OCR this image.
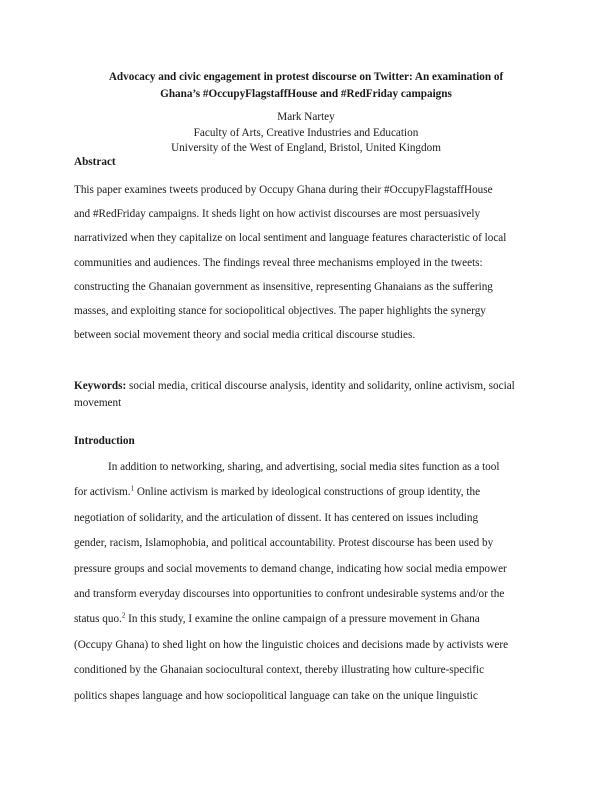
Advocacy and civic engagement in protest discourse on Twitter: An examination of
Ghana’s #OccupyFlagstaffHouse and #RedFriday campaigns
Mark Nartey
Faculty of Arts, Creative Industries and Education
University of the West of England, Bristol, United Kingdom
Abstract

This paper examines tweets produced by Occupy Ghana during their #OccupyFlagstaffHouse
and #RedFriday campaigns. It sheds light on how activist discourses are most persuasively
narrativized when they capitalize on local sentiment and language features characteristic of local
communities and audiences. The findings reveal three mechanisms employed in the tweets:
constructing the Ghanaian government as insensitive, representing Ghanaians as the suffering
masses, and exploiting stance for sociopolitical objectives. The paper highlights the synergy
between social movement theory and social media critical discourse studies.

Keywords: social media, critical discourse analysis, identity and solidarity, online activism, social movement

Introduction

In addition to networking, sharing, and advertising, social media sites function as a tool
for activism.$^1$ Online activism is marked by ideological constructions of group identity, the
negotiation of solidarity, and the articulation of dissent. It has centered on issues including
gender, racism, Islamophobia, and political accountability. Protest discourse has been used by
pressure groups and social movements to demand change, indicating how social media empower
and transform everyday discourses into opportunities to confront undesirable systems and/or the
status quo.$^2$ In this study, I examine the online campaign of a pressure movement in Ghana
(Occupy Ghana) to shed light on how the linguistic choices and decisions made by activists were
conditioned by the Ghanaian sociocultural context, thereby illustrating how culture-specific
politics shapes language and how sociopolitical language can take on the unique linguistic
